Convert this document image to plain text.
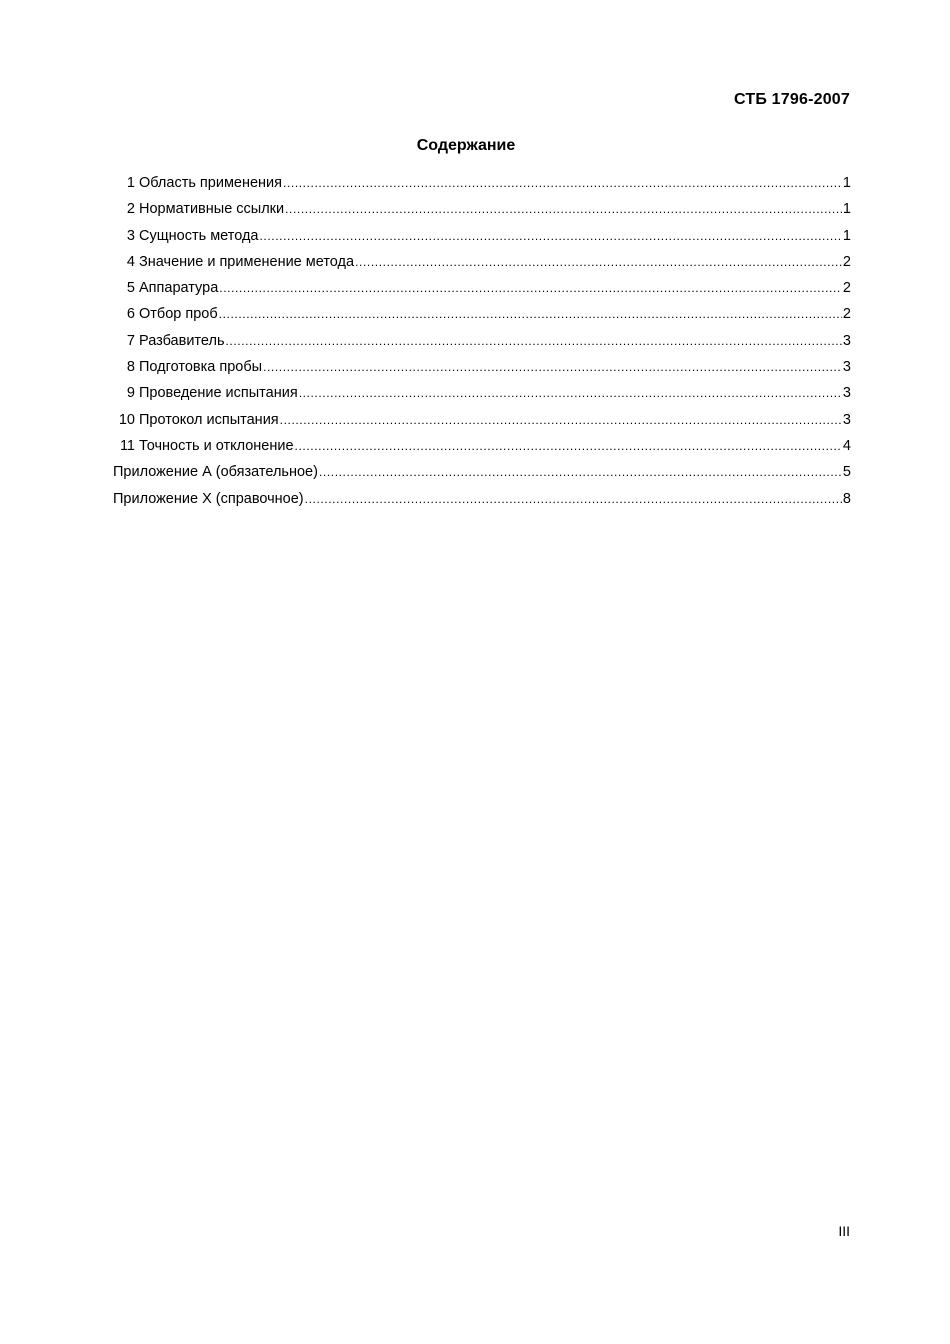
СТБ 1796-2007
Содержание
1 Область применения .....	1
2 Нормативные ссылки .....	1
3 Сущность метода .....	1
4 Значение и применение метода .....	2
5 Аппаратура .....	2
6 Отбор проб .....	2
7 Разбавитель .....	3
8 Подготовка пробы .....	3
9 Проведение испытания .....	3
10 Протокол испытания .....	3
11 Точность и отклонение .....	4
Приложение А (обязательное) .....	5
Приложение Х (справочное) .....	8
III
